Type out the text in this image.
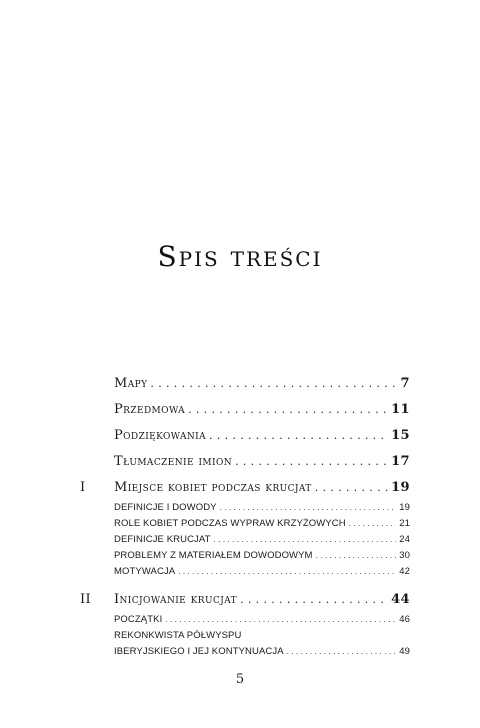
Spis treści
Mapy . . .	7
Przedmowa . . .	11
Podziękowania . . .	15
Tłumaczenie imion . . .	17
I	Miejsce kobiet podczas krucjat . . .	19
DEFINICJE I DOWODY . . .	19
ROLE KOBIET PODCZAS WYPRAW KRZYŻOWYCH . . .	21
DEFINICJE KRUCJAT . . .	24
PROBLEMY Z MATERIAŁEM DOWODOWYM . . .	30
MOTYWACJA . . .	42
II	Inicjowanie krucjat . . .	44
POCZĄTKI . . .	46
REKONKWISTA PÓŁWYSPU
IBERYJSKIEGO I JEJ KONTYNUACJA . . .	49
5
